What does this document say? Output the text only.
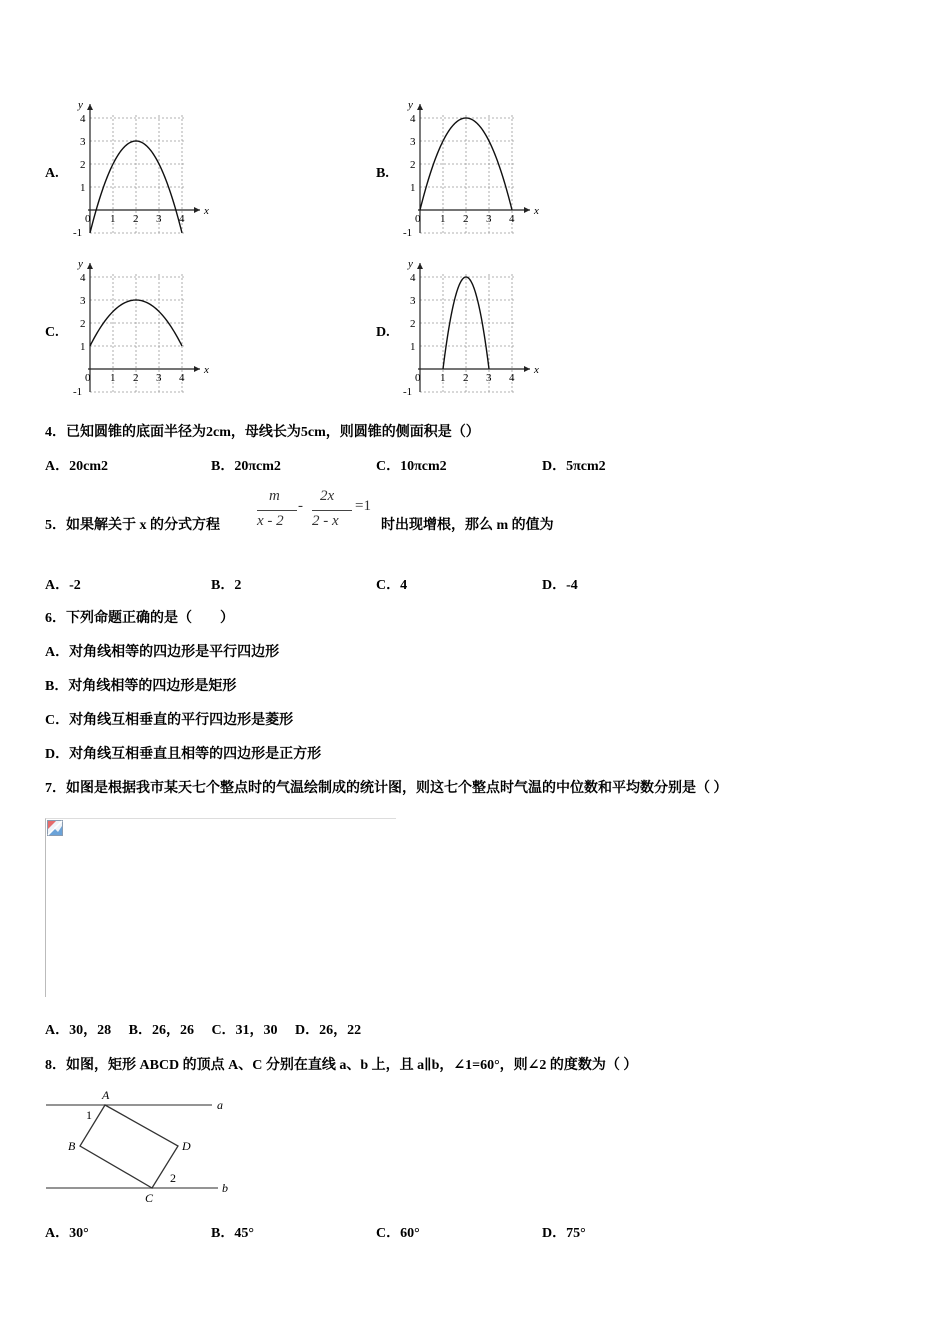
A.
x
y
0 1
1
2
2
3
3
4
4
-1
B.
x
y
0 1
1
2
2
3
3
4
4
-1
C.
x
y
0 1
1
2
2
3
3
4
4
-1
D.
x
y
0 1
1
2
2
3
3
4
4
-1
4．已知圆锥的底面半径为2cm，母线长为5cm，则圆锥的侧面积是（）
A．20cm2	B．20πcm2	C．10πcm2	D．5πcm2
5．如果解关于 x 的分式方程
m
x - 2
-
2x
2 - x
=1
时出现增根，那么 m 的值为
A．-2	B．2	C．4	D．-4
6．下列命题正确的是（　　）
A．对角线相等的四边形是平行四边形
B．对角线相等的四边形是矩形
C．对角线互相垂直的平行四边形是菱形
D．对角线互相垂直且相等的四边形是正方形
7．如图是根据我市某天七个整点时的气温绘制成的统计图，则这七个整点时气温的中位数和平均数分别是（ ）
A．30，28　 B．26，26　 C．31，30　 D．26，22
8．如图，矩形 ABCD 的顶点 A、C 分别在直线 a、b 上，且 a∥b，∠1=60°，则∠2 的度数为（ ）
A
B
C
D
a
b
1
2
A．30°	B．45°	C．60°	D．75°
